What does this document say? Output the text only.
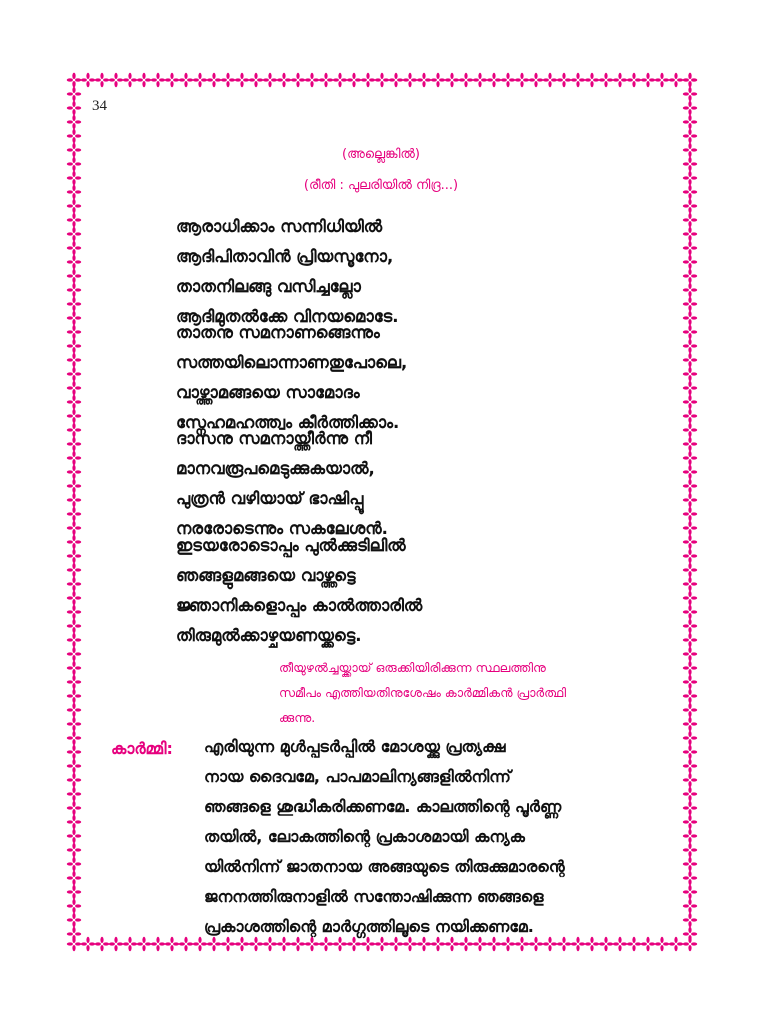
34
(അല്ലെങ്കിൽ)
(രീതി : പുലരിയിൽ നിദ്ര...)
ആരാധിക്കാം സന്നിധിയിൽ
ആദിപിതാവിൻ പ്രിയസൂനോ,
താതനിലങ്ങു വസിച്ചല്ലോ
ആദിമുതൽക്കേ വിനയമൊടേ.
താതനു സമനാണങ്ങെന്നും
സത്തയിലൊന്നാണതുപോലെ,
വാഴ്ത്താമങ്ങയെ സാമോദം
സ്നേഹമഹത്ത്വം കീർത്തിക്കാം.
ദാസനു സമനായ്ത്തീർന്നു നീ
മാനവരൂപമെടുക്കുകയാൽ,
പുത്രൻ വഴിയായ് ഭാഷിപ്പൂ
നരരോടെന്നും സകലേശൻ.
ഇടയരോടൊപ്പം പുൽക്കുടിലിൽ
ഞങ്ങളുമങ്ങയെ വാഴ്ത്തട്ടെ
ജ്ഞാനികളൊപ്പം കാൽത്താരിൽ
തിരുമുൽക്കാഴ്ചയണയ്ക്കട്ടെ.
തീയുഴൽച്ചയ്ക്കായ് ഒരുക്കിയിരിക്കുന്ന സ്ഥലത്തിനു
സമീപം എത്തിയതിനുശേഷം കാർമ്മികൻ പ്രാർത്ഥി
ക്കുന്നു.
കാർമ്മി: എരിയുന്ന മുൾപ്പടർപ്പിൽ മോശയ്ക്കു പ്രത്യക്ഷ
നായ ദൈവമേ, പാപമാലിന്യങ്ങളിൽനിന്ന്
ഞങ്ങളെ ശുദ്ധീകരിക്കണമേ. കാലത്തിന്റെ പൂർണ്ണ
തയിൽ, ലോകത്തിന്റെ പ്രകാശമായി കന്യക
യിൽനിന്ന് ജാതനായ അങ്ങയുടെ തിരുക്കുമാരന്റെ
ജനനത്തിരുനാളിൽ സന്തോഷിക്കുന്ന ഞങ്ങളെ
പ്രകാശത്തിന്റെ മാർഗ്ഗത്തിലൂടെ നയിക്കണമേ.
